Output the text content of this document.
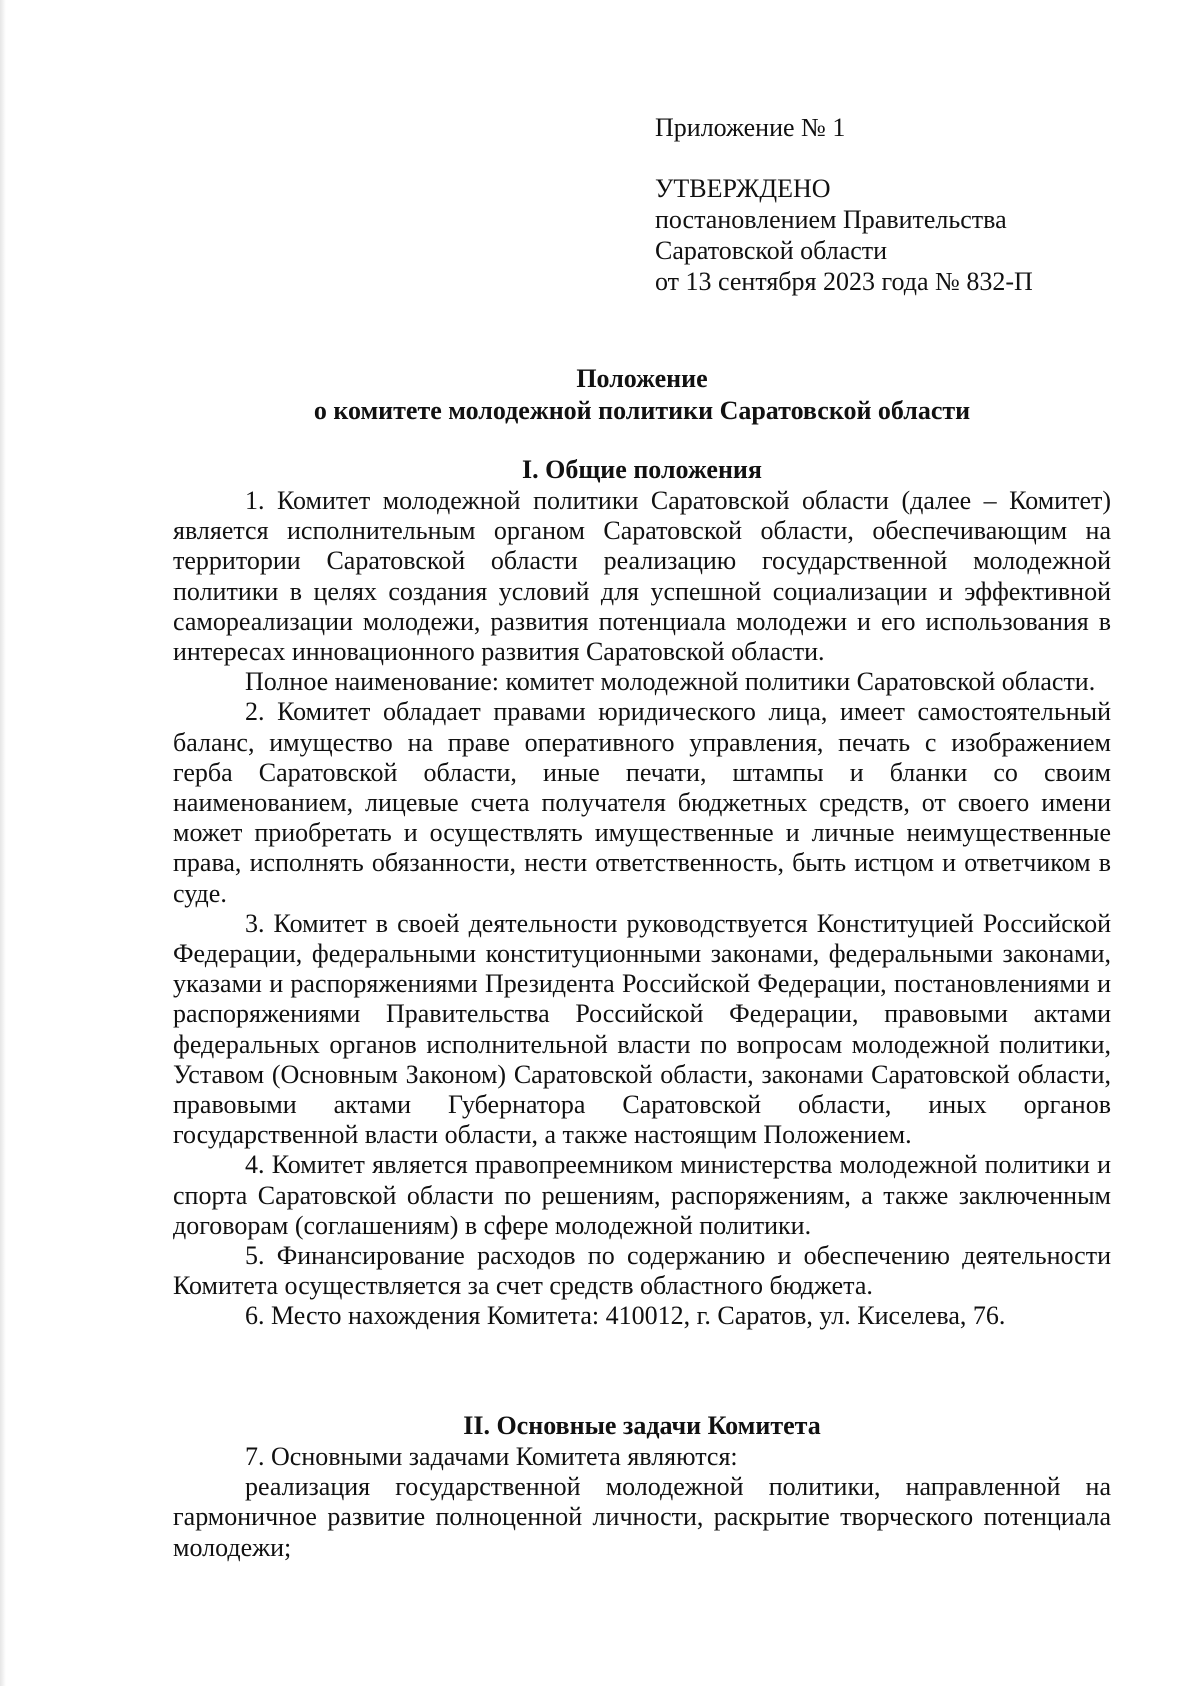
Приложение № 1
УТВЕРЖДЕНО
постановлением Правительства
Саратовской области
от 13 сентября 2023 года № 832-П
Положение
о комитете молодежной политики Саратовской области
I. Общие положения

1. Комитет молодежной политики Саратовской области (далее – Комитет) является исполнительным органом Саратовской области, обеспечивающим на территории Саратовской области реализацию государственной молодежной политики в целях создания условий для успешной социализации и эффективной самореализации молодежи, развития потенциала молодежи и его использования в интересах инновационного развития Саратовской области.

Полное наименование: комитет молодежной политики Саратовской области.

2. Комитет обладает правами юридического лица, имеет самостоятельный баланс, имущество на праве оперативного управления, печать с изображением герба Саратовской области, иные печати, штампы и бланки со своим наименованием, лицевые счета получателя бюджетных средств, от своего имени может приобретать и осуществлять имущественные и личные неимущественные права, исполнять обязанности, нести ответственность, быть истцом и ответчиком в суде.

3. Комитет в своей деятельности руководствуется Конституцией Российской Федерации, федеральными конституционными законами, федеральными законами, указами и распоряжениями Президента Российской Федерации, постановлениями и распоряжениями Правительства Российской Федерации, правовыми актами федеральных органов исполнительной власти по вопросам молодежной политики, Уставом (Основным Законом) Саратовской области, законами Саратовской области, правовыми актами Губернатора Саратовской области, иных органов государственной власти области, а также настоящим Положением.

4. Комитет является правопреемником министерства молодежной политики и спорта Саратовской области по решениям, распоряжениям, а также заключенным договорам (соглашениям) в сфере молодежной политики.

5. Финансирование расходов по содержанию и обеспечению деятельности Комитета осуществляется за счет средств областного бюджета.

6. Место нахождения Комитета: 410012, г. Саратов, ул. Киселева, 76.

II. Основные задачи Комитета

7. Основными задачами Комитета являются:

реализация государственной молодежной политики, направленной на гармоничное развитие полноценной личности, раскрытие творческого потенциала молодежи;
